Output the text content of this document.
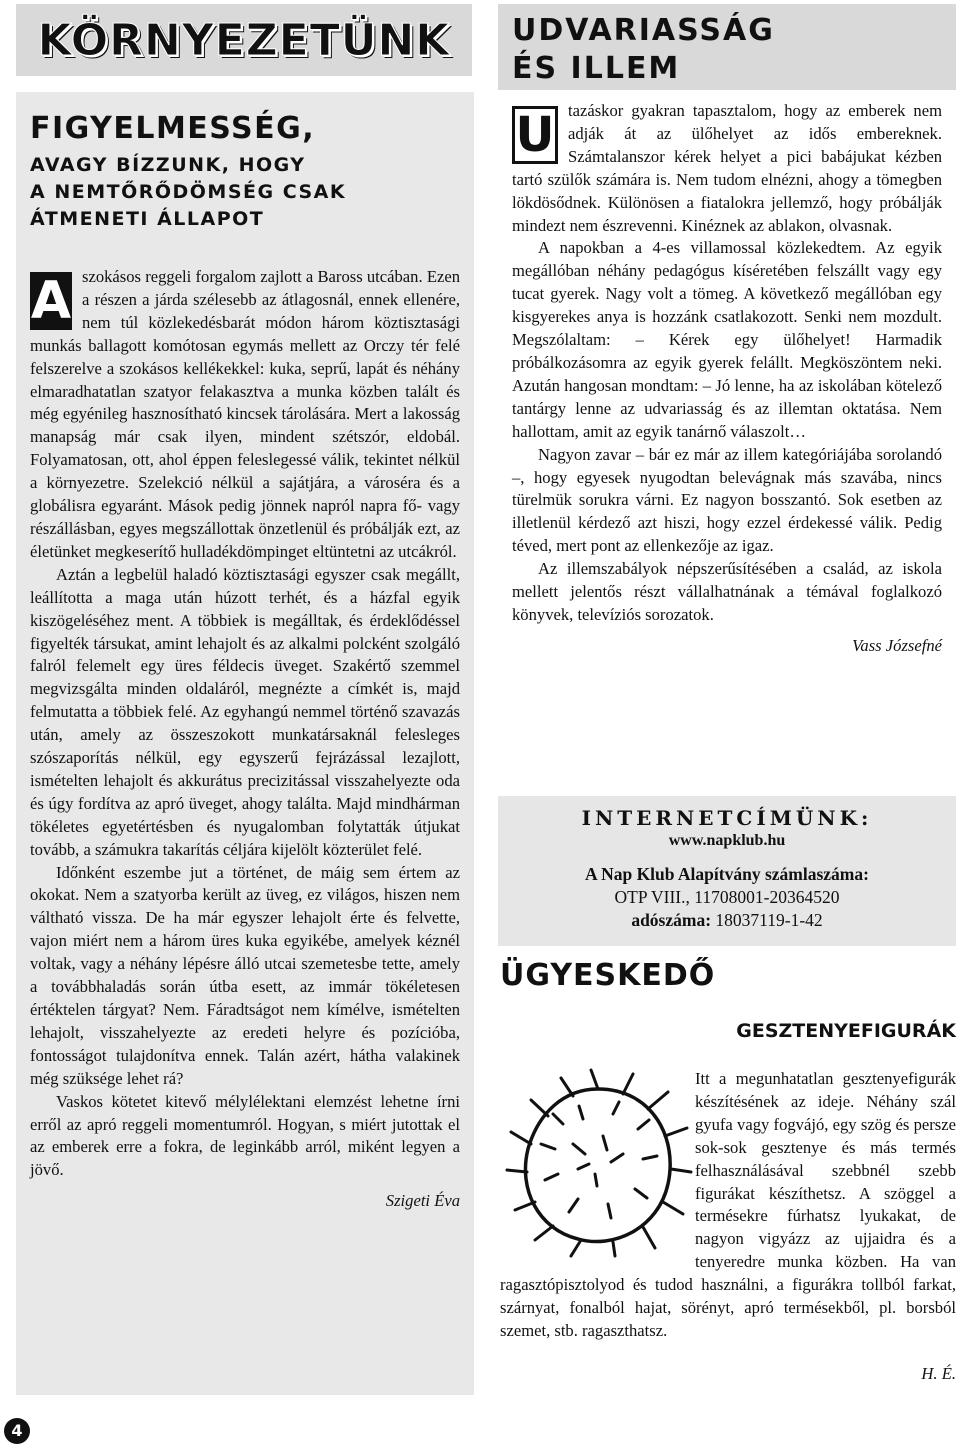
KÖRNYEZETÜNK
FIGYELMESSÉG,

AVAGY BÍZZUNK, HOGY

A NEMTŐRŐDÖMSÉG CSAK

ÁTMENETI ÁLLAPOT

A szokásos reggeli forgalom zajlott a Baross utcában. Ezen a részen a járda szélesebb az átlagosnál, ennek ellenére, nem túl közlekedésbarát módon három köztisztasági munkás ballagott komótosan egymás mellett az Orczy tér felé felszerelve a szokásos kellékekkel: kuka, seprű, lapát és néhány elmaradhatatlan szatyor felakasztva a munka közben talált és még egyénileg hasznosítható kincsek tárolására. Mert a lakosság manapság már csak ilyen, mindent szétszór, eldobál. Folyamatosan, ott, ahol éppen feleslegessé válik, tekintet nélkül a környezetre. Szelekció nélkül a sajátjára, a városéra és a globálisra egyaránt. Mások pedig jönnek napról napra fő- vagy részállásban, egyes megszállottak önzetlenül és próbálják ezt, az életünket megkeserítő hulladékdömpinget eltüntetni az utcákról.

Aztán a legbelül haladó köztisztasági egyszer csak megállt, leállította a maga után húzott terhét, és a házfal egyik kiszögeléséhez ment. A többiek is megálltak, és érdeklődéssel figyelték társukat, amint lehajolt és az alkalmi polcként szolgáló falról felemelt egy üres féldecis üveget. Szakértő szemmel megvizsgálta minden oldaláról, megnézte a címkét is, majd felmutatta a többiek felé. Az egyhangú nemmel történő szavazás után, amely az összeszokott munkatársaknál felesleges szószaporítás nélkül, egy egyszerű fejrázással lezajlott, ismételten lehajolt és akkurátus precizitással visszahelyezte oda és úgy fordítva az apró üveget, ahogy találta. Majd mindhárman tökéletes egyetértésben és nyugalomban folytatták útjukat tovább, a számukra takarítás céljára kijelölt közterület felé.

Időnként eszembe jut a történet, de máig sem értem az okokat. Nem a szatyorba került az üveg, ez világos, hiszen nem váltható vissza. De ha már egyszer lehajolt érte és felvette, vajon miért nem a három üres kuka egyikébe, amelyek kéznél voltak, vagy a néhány lépésre álló utcai szemetesbe tette, amely a továbbhaladás során útba esett, az immár tökéletesen értéktelen tárgyat? Nem. Fáradtságot nem kímélve, ismételten lehajolt, visszahelyezte az eredeti helyre és pozícióba, fontosságot tulajdonítva ennek. Talán azért, hátha valakinek még szüksége lehet rá?

Vaskos kötetet kitevő mélylélektani elemzést lehetne írni erről az apró reggeli momentumról. Hogyan, s miért jutottak el az emberek erre a fokra, de leginkább arról, miként legyen a jövő.

Szigeti Éva

UDVARIASSÁG
ÉS ILLEM

U tazáskor gyakran tapasztalom, hogy az emberek nem adják át az ülőhelyet az idős embereknek. Számtalanszor kérek helyet a pici babájukat kézben tartó szülők számára is. Nem tudom elnézni, ahogy a tömegben lökdösődnek. Különösen a fiatalokra jellemző, hogy próbálják mindezt nem észrevenni. Kinéznek az ablakon, olvasnak.

A napokban a 4-es villamossal közlekedtem. Az egyik megállóban néhány pedagógus kíséretében felszállt vagy egy tucat gyerek. Nagy volt a tömeg. A következő megállóban egy kisgyerekes anya is hozzánk csatlakozott. Senki nem mozdult. Megszólaltam: – Kérek egy ülőhelyet! Harmadik próbálkozásomra az egyik gyerek felállt. Megköszöntem neki. Azután hangosan mondtam: – Jó lenne, ha az iskolában kötelező tantárgy lenne az udvariasság és az illemtan oktatása. Nem hallottam, amit az egyik tanárnő válaszolt…

Nagyon zavar – bár ez már az illem kategóriájába sorolandó –, hogy egyesek nyugodtan belevágnak más szavába, nincs türelmük sorukra várni. Ez nagyon bosszantó. Sok esetben az illetlenül kérdező azt hiszi, hogy ezzel érdekessé válik. Pedig téved, mert pont az ellenkezője az igaz.

Az illemszabályok népszerűsítésében a család, az iskola mellett jelentős részt vállalhatnának a témával foglalkozó könyvek, televíziós sorozatok.

Vass Józsefné

INTERNETCÍMÜNK:
www.napklub.hu
A Nap Klub Alapítvány számlaszáma:
OTP VIII., 11708001-20364520
adószáma: 18037119-1-42
ÜGYESKEDŐ
GESZTENYEFIGURÁK
Itt a megunhatatlan gesztenyefigurák készítésének az ideje. Néhány szál gyufa vagy fogvájó, egy szög és persze sok-sok gesztenye és más termés felhasználásával szebbnél szebb figurákat készíthetsz. A szöggel a termésekre fúrhatsz lyukakat, de nagyon vigyázz az ujjaidra és a tenyeredre munka közben. Ha van ragasztópisztolyod és tudod használni, a figurákra tollból farkat, szárnyat, fonalból hajat, sörényt, apró termésekből, pl. borsból szemet, stb. ragaszthatsz.
H. É.
4
